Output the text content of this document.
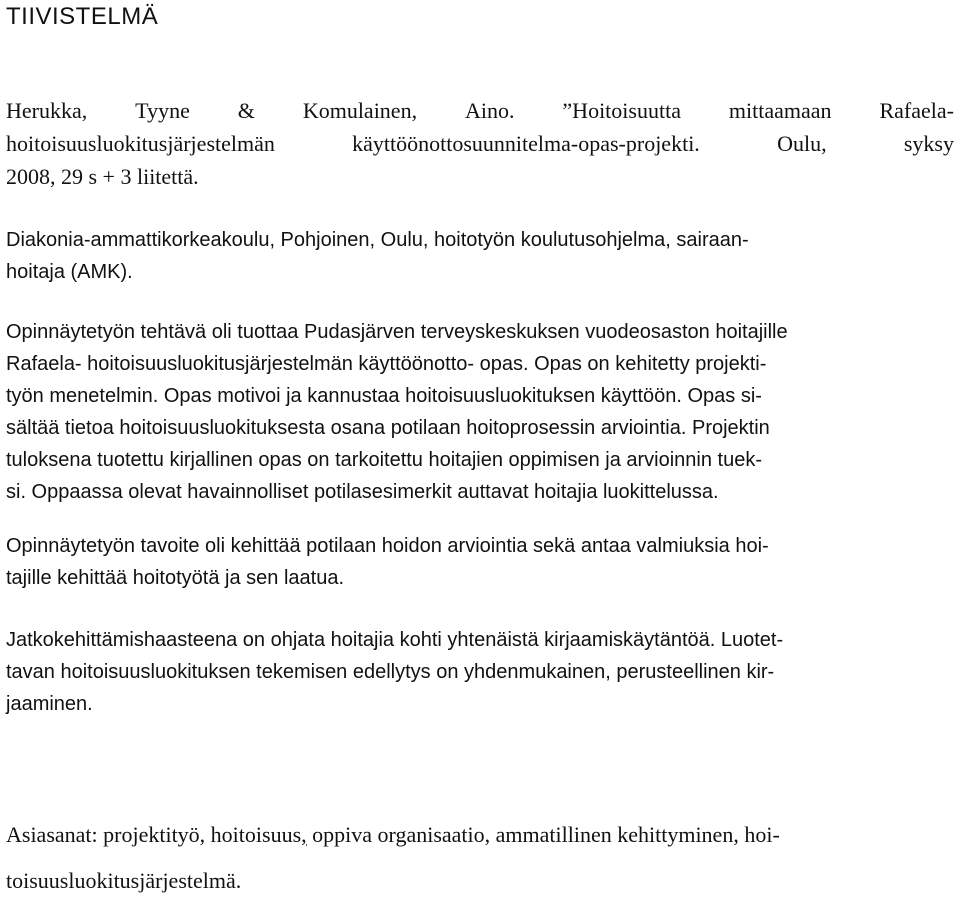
TIIVISTELMÄ
Herukka, Tyyne & Komulainen, Aino. ”Hoitoisuutta mittaamaan Rafaela-
hoitoisuusluokitusjärjestelmän	käyttöönottosuunnitelma-opas-projekti.	Oulu,	syksy
2008, 29 s + 3 liitettä.
Diakonia-ammattikorkeakoulu, Pohjoinen, Oulu, hoitotyön koulutusohjelma, sairaan-
hoitaja (AMK).
Opinnäytetyön tehtävä oli tuottaa Pudasjärven terveyskeskuksen vuodeosaston hoitajille
Rafaela- hoitoisuusluokitusjärjestelmän käyttöönotto- opas. Opas on kehitetty projekti-
työn menetelmin. Opas motivoi ja kannustaa hoitoisuusluokituksen käyttöön. Opas si-
sältää tietoa hoitoisuusluokituksesta osana potilaan hoitoprosessin arviointia. Projektin
tuloksena tuotettu kirjallinen opas on tarkoitettu hoitajien oppimisen ja arvioinnin tuek-
si. Oppaassa olevat havainnolliset potilasesimerkit auttavat hoitajia luokittelussa.
Opinnäytetyön tavoite oli kehittää potilaan hoidon arviointia sekä antaa valmiuksia hoi-
tajille kehittää hoitotyötä ja sen laatua.
Jatkokehittämishaasteena on ohjata hoitajia kohti yhtenäistä kirjaamiskäytäntöä. Luotet-
tavan hoitoisuusluokituksen tekemisen edellytys on yhdenmukainen, perusteellinen kir-
jaaminen.
Asiasanat: projektityö, hoitoisuus, oppiva organisaatio, ammatillinen kehittyminen, hoi-
toisuusluokitusjärjestelmä.
